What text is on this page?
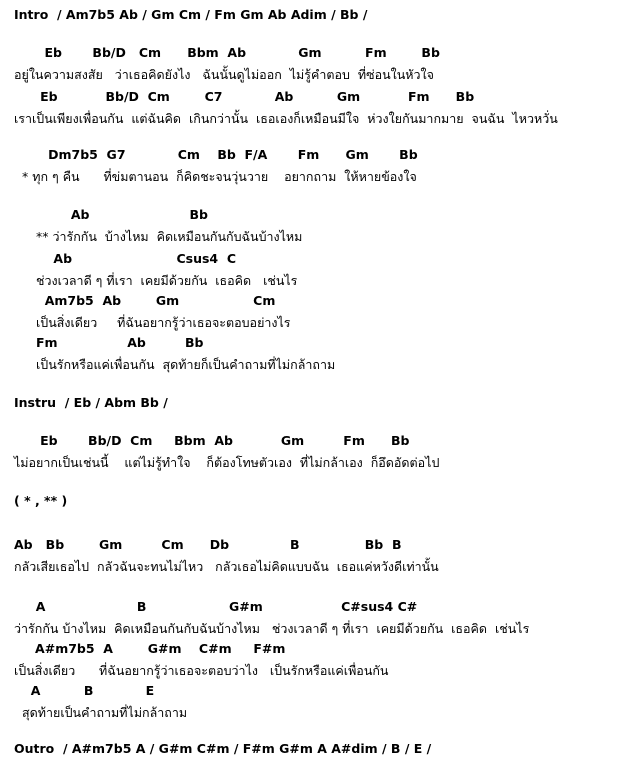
Intro  / Am7b5 Ab / Gm Cm / Fm Gm Ab Adim / Bb /
Eb       Bb/D   Cm      Bbm  Ab            Gm          Fm        Bb
อยู่ในความสงสัย   ว่าเธอคิดยังไง   ฉันนั้นดูไม่ออก  ไม่รู้คำตอบ  ที่ซ่อนในหัวใจ
Eb           Bb/D  Cm        C7            Ab          Gm           Fm      Bb
เราเป็นเพียงเพื่อนกัน  แต่ฉันคิด  เกินกว่านั้น  เธอเองก็เหมือนมีใจ  ห่วงใยกันมากมาย  จนฉัน  ไหวหวั่น
Dm7b5  G7            Cm    Bb  F/A       Fm      Gm       Bb
* ทุก ๆ คืน      ที่ข่มตานอน  ก็คิดชะจนวุ่นวาย    อยากถาม  ให้หายข้องใจ
Ab                       Bb
** ว่ารักกัน  บ้างไหม  คิดเหมือนกันกับฉันบ้างไหม
Ab                        Csus4  C
ช่วงเวลาดี ๆ ที่เรา  เคยมีด้วยกัน  เธอคิด   เช่นไร
Am7b5  Ab        Gm                 Cm
เป็นสิ่งเดียว     ที่ฉันอยากรู้ว่าเธอจะตอบอย่างไร
Fm                Ab         Bb
เป็นรักหรือแค่เพื่อนกัน  สุดท้ายก็เป็นคำถามที่ไม่กล้าถาม
Instru  / Eb / Abm Bb /
Eb       Bb/D  Cm     Bbm  Ab           Gm         Fm      Bb
ไม่อยากเป็นเช่นนี้    แต่ไม่รู้ทำใจ    ก็ต้องโทษตัวเอง  ที่ไม่กล้าเอง  ก็อึดอัดต่อไป
( * , ** )
Ab   Bb        Gm         Cm      Db              B               Bb  B
กลัวเสียเธอไป  กลัวฉันจะทนไม่ไหว   กลัวเธอไม่คิดแบบฉัน  เธอแค่หวังดีเท่านั้น
A                     B                   G#m                  C#sus4 C#
ว่ารักกัน บ้างไหม  คิดเหมือนกันกับฉันบ้างไหม   ช่วงเวลาดี ๆ ที่เรา  เคยมีด้วยกัน  เธอคิด  เช่นไร
A#m7b5  A        G#m    C#m     F#m
เป็นสิ่งเดียว      ที่ฉันอยากรู้ว่าเธอจะตอบว่าไง   เป็นรักหรือแค่เพื่อนกัน
A          B            E
สุดท้ายเป็นคำถามที่ไม่กล้าถาม
Outro  / A#m7b5 A / G#m C#m / F#m G#m A A#dim / B / E /
